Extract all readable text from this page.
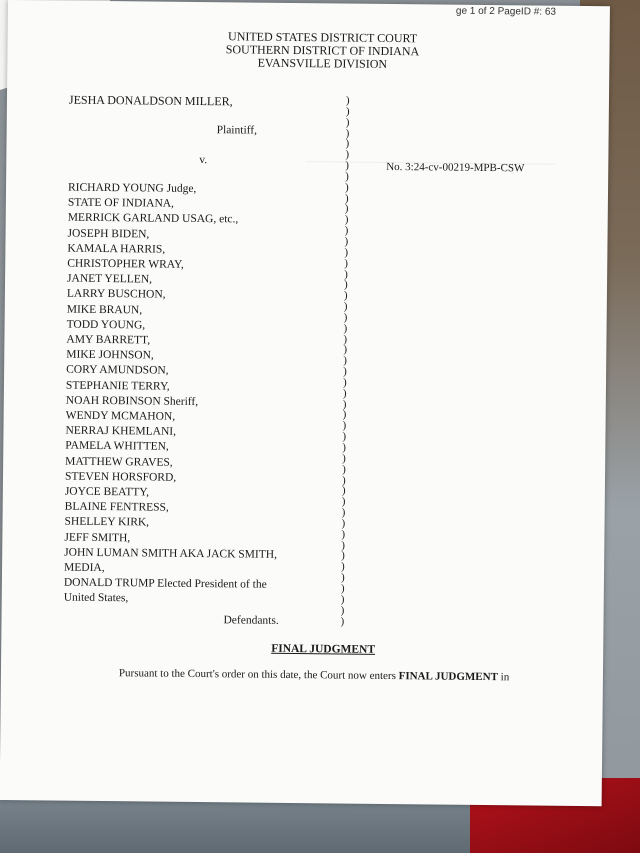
ge 1 of 2 PageID #: 63
UNITED STATES DISTRICT COURT
SOUTHERN DISTRICT OF INDIANA
EVANSVILLE DIVISION
JESHA DONALDSON MILLER,
Plaintiff,
v.
No. 3:24-cv-00219-MPB-CSW
RICHARD YOUNG Judge,
STATE OF INDIANA,
MERRICK GARLAND USAG, etc.,
JOSEPH BIDEN,
KAMALA HARRIS,
CHRISTOPHER WRAY,
JANET YELLEN,
LARRY BUSCHON,
MIKE BRAUN,
TODD YOUNG,
AMY BARRETT,
MIKE JOHNSON,
CORY AMUNDSON,
STEPHANIE TERRY,
NOAH ROBINSON Sheriff,
WENDY MCMAHON,
NERRAJ KHEMLANI,
PAMELA WHITTEN,
MATTHEW GRAVES,
STEVEN HORSFORD,
JOYCE BEATTY,
BLAINE FENTRESS,
SHELLEY KIRK,
JEFF SMITH,
JOHN LUMAN SMITH AKA JACK SMITH,
MEDIA,
DONALD TRUMP Elected President of the
United States,
Defendants.
)
)
)
)
)
)
)
)
)
)
)
)
)
)
)
)
)
)
)
)
)
)
)
)
)
)
)
)
)
)
)
)
)
)
)
)
)
)
)
)
)
)
)
)
)
)
)
)
)
FINAL JUDGMENT
Pursuant to the Court's order on this date, the Court now enters FINAL JUDGMENT in
